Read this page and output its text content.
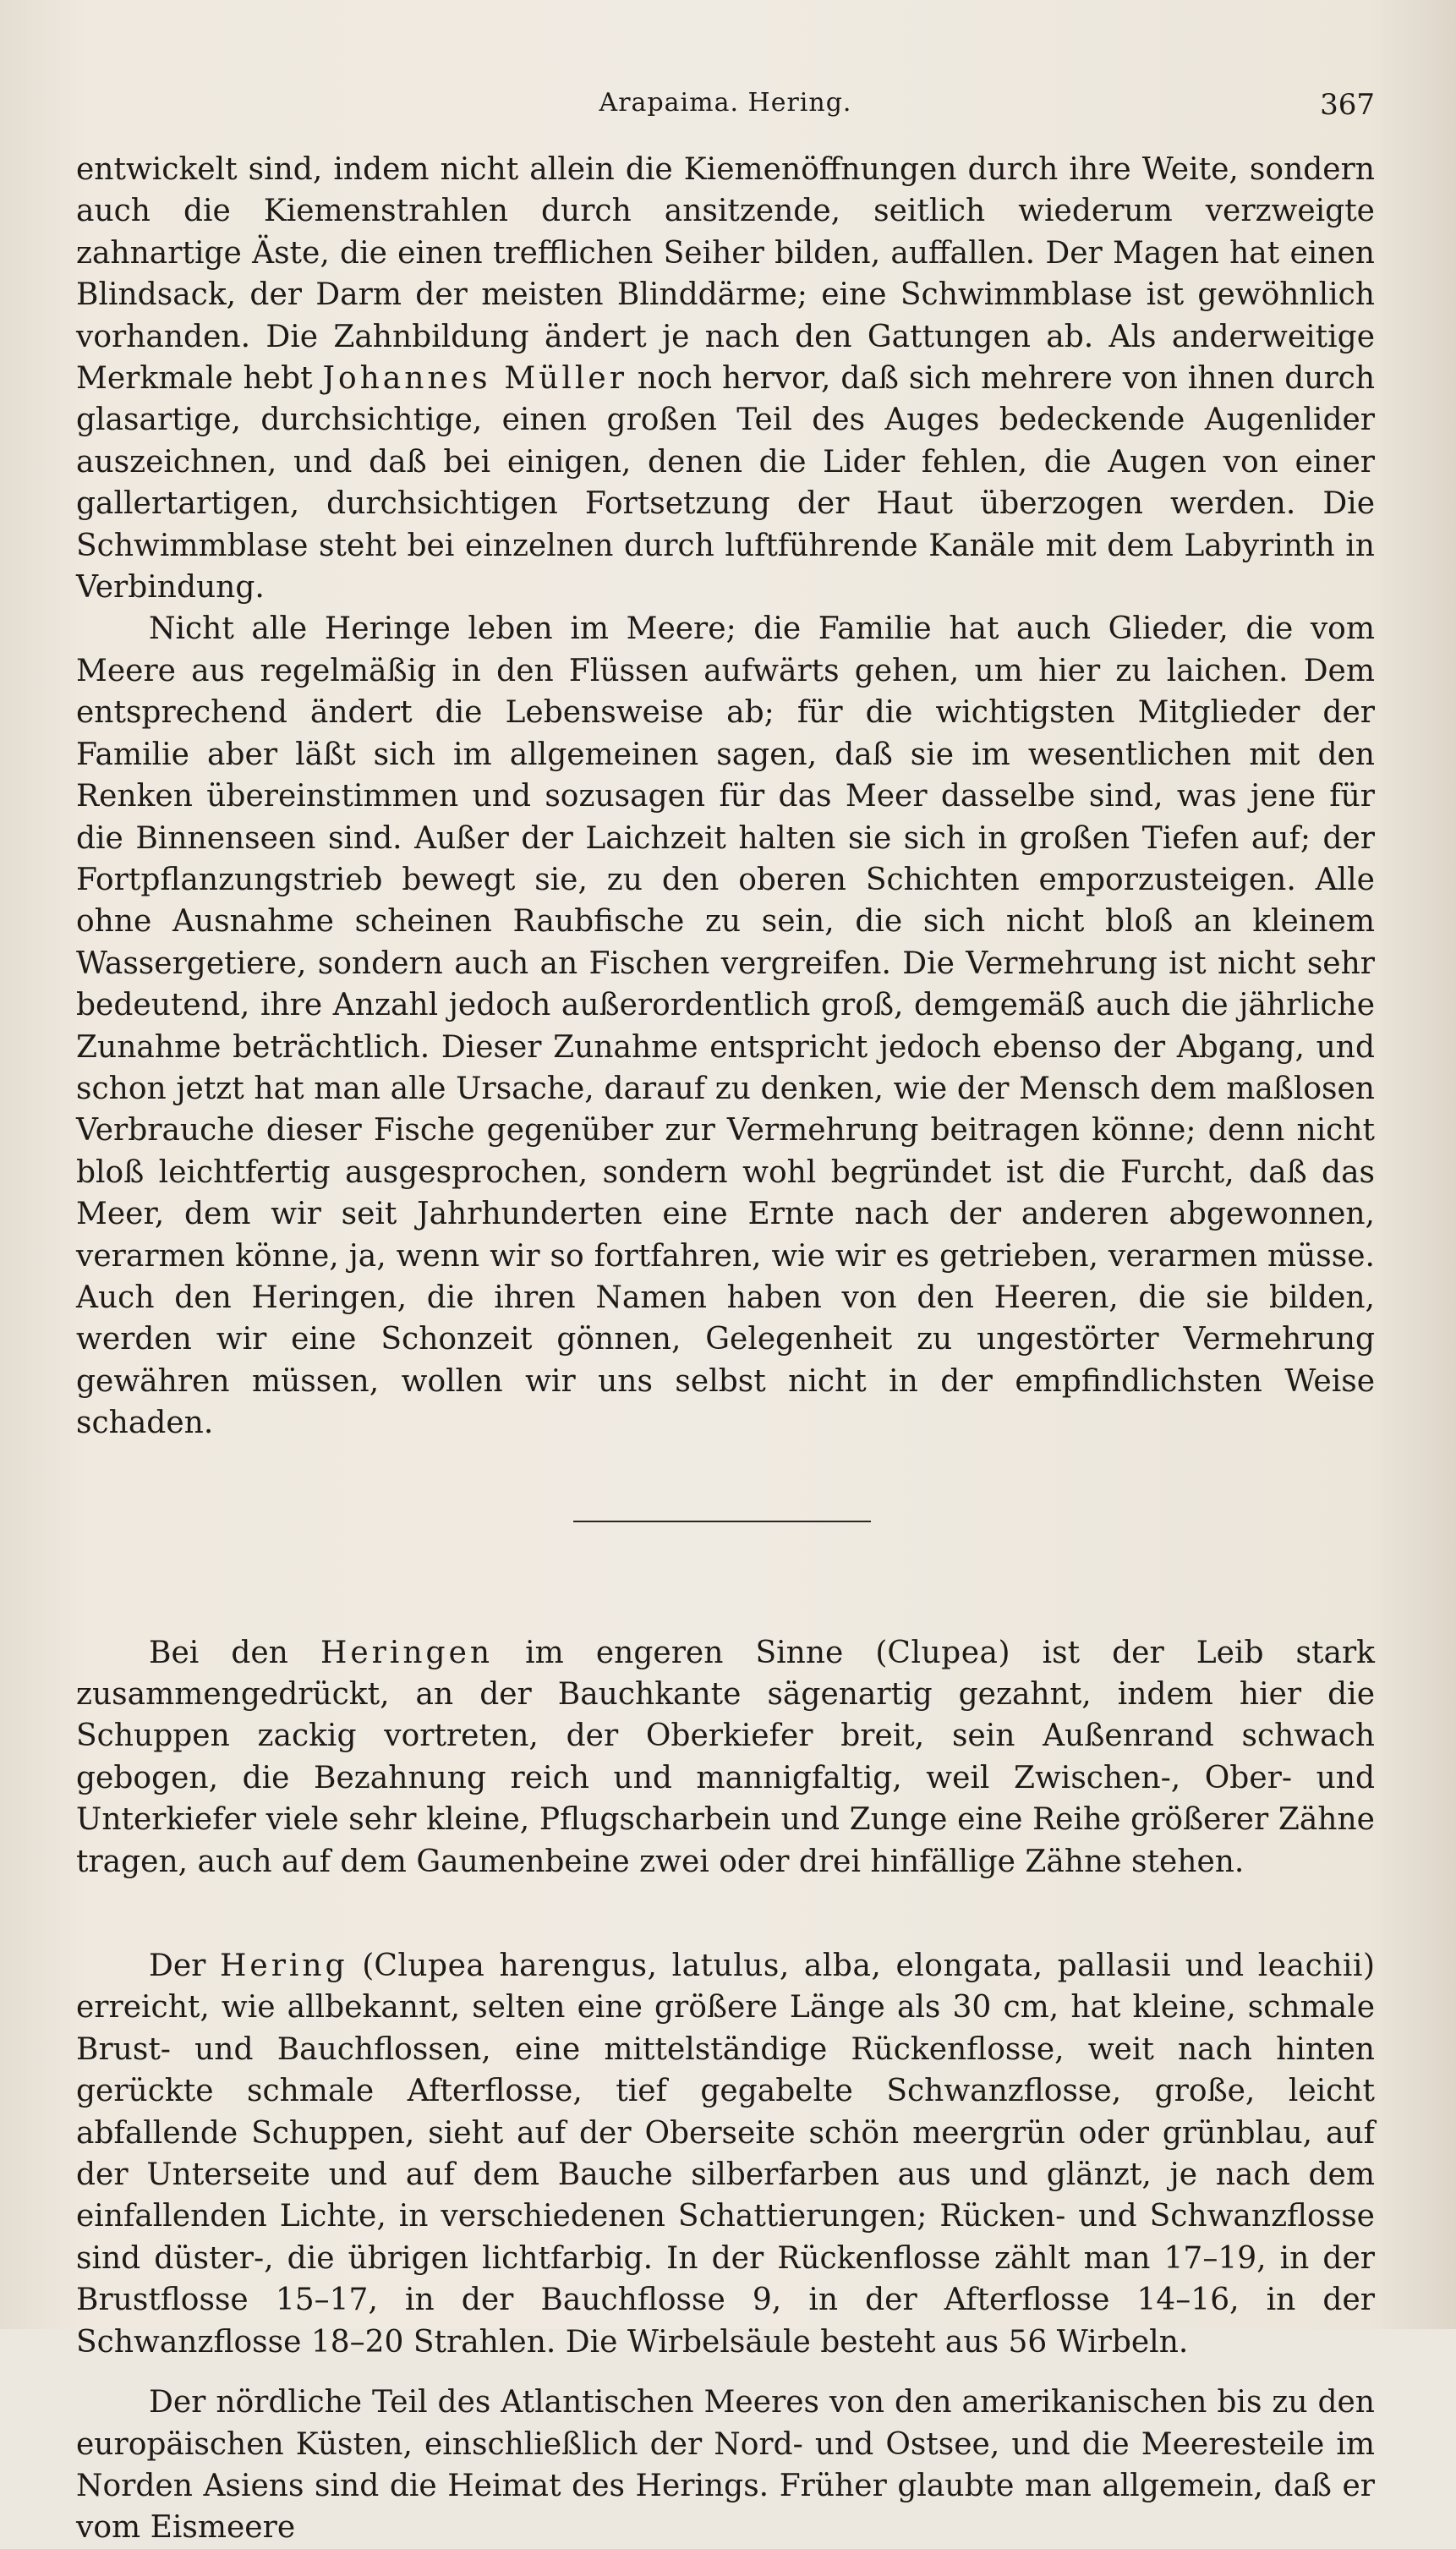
Arapaima. Hering.	367

entwickelt sind, indem nicht allein die Kiemenöffnungen durch ihre Weite, sondern auch die Kiemenstrahlen durch ansitzende, seitlich wiederum verzweigte zahnartige Äste, die einen trefflichen Seiher bilden, auffallen. Der Magen hat einen Blindsack, der Darm der meisten Blinddärme; eine Schwimmblase ist gewöhnlich vorhanden. Die Zahnbildung ändert je nach den Gattungen ab. Als anderweitige Merkmale hebt Johannes Müller noch hervor, daß sich mehrere von ihnen durch glasartige, durchsichtige, einen großen Teil des Auges bedeckende Augenlider auszeichnen, und daß bei einigen, denen die Lider fehlen, die Augen von einer gallertartigen, durchsichtigen Fortsetzung der Haut überzogen werden. Die Schwimmblase steht bei einzelnen durch luftführende Kanäle mit dem Labyrinth in Verbindung.

Nicht alle Heringe leben im Meere; die Familie hat auch Glieder, die vom Meere aus regelmäßig in den Flüssen aufwärts gehen, um hier zu laichen. Dem entsprechend ändert die Lebensweise ab; für die wichtigsten Mitglieder der Familie aber läßt sich im allgemeinen sagen, daß sie im wesentlichen mit den Renken übereinstimmen und sozusagen für das Meer dasselbe sind, was jene für die Binnenseen sind. Außer der Laichzeit halten sie sich in großen Tiefen auf; der Fortpflanzungstrieb bewegt sie, zu den oberen Schichten emporzusteigen. Alle ohne Ausnahme scheinen Raubfische zu sein, die sich nicht bloß an kleinem Wassergetiere, sondern auch an Fischen vergreifen. Die Vermehrung ist nicht sehr bedeutend, ihre Anzahl jedoch außerordentlich groß, demgemäß auch die jährliche Zunahme beträchtlich. Dieser Zunahme entspricht jedoch ebenso der Abgang, und schon jetzt hat man alle Ursache, darauf zu denken, wie der Mensch dem maßlosen Verbrauche dieser Fische gegenüber zur Vermehrung beitragen könne; denn nicht bloß leichtfertig ausgesprochen, sondern wohl begründet ist die Furcht, daß das Meer, dem wir seit Jahrhunderten eine Ernte nach der anderen abgewonnen, verarmen könne, ja, wenn wir so fortfahren, wie wir es getrieben, verarmen müsse. Auch den Heringen, die ihren Namen haben von den Heeren, die sie bilden, werden wir eine Schonzeit gönnen, Gelegenheit zu ungestörter Vermehrung gewähren müssen, wollen wir uns selbst nicht in der empfindlichsten Weise schaden.

Bei den Heringen im engeren Sinne (Clupea) ist der Leib stark zusammengedrückt, an der Bauchkante sägenartig gezahnt, indem hier die Schuppen zackig vortreten, der Oberkiefer breit, sein Außenrand schwach gebogen, die Bezahnung reich und mannigfaltig, weil Zwischen-, Ober- und Unterkiefer viele sehr kleine, Pflugscharbein und Zunge eine Reihe größerer Zähne tragen, auch auf dem Gaumenbeine zwei oder drei hinfällige Zähne stehen.

Der Hering (Clupea harengus, latulus, alba, elongata, pallasii und leachii) erreicht, wie allbekannt, selten eine größere Länge als 30 cm, hat kleine, schmale Brust- und Bauchflossen, eine mittelständige Rückenflosse, weit nach hinten gerückte schmale Afterflosse, tief gegabelte Schwanzflosse, große, leicht abfallende Schuppen, sieht auf der Oberseite schön meergrün oder grünblau, auf der Unterseite und auf dem Bauche silberfarben aus und glänzt, je nach dem einfallenden Lichte, in verschiedenen Schattierungen; Rücken- und Schwanzflosse sind düster-, die übrigen lichtfarbig. In der Rückenflosse zählt man 17–19, in der Brustflosse 15–17, in der Bauchflosse 9, in der Afterflosse 14–16, in der Schwanzflosse 18–20 Strahlen. Die Wirbelsäule besteht aus 56 Wirbeln.

Der nördliche Teil des Atlantischen Meeres von den amerikanischen bis zu den europäischen Küsten, einschließlich der Nord- und Ostsee, und die Meeresteile im Norden Asiens sind die Heimat des Herings. Früher glaubte man allgemein, daß er vom Eismeere
